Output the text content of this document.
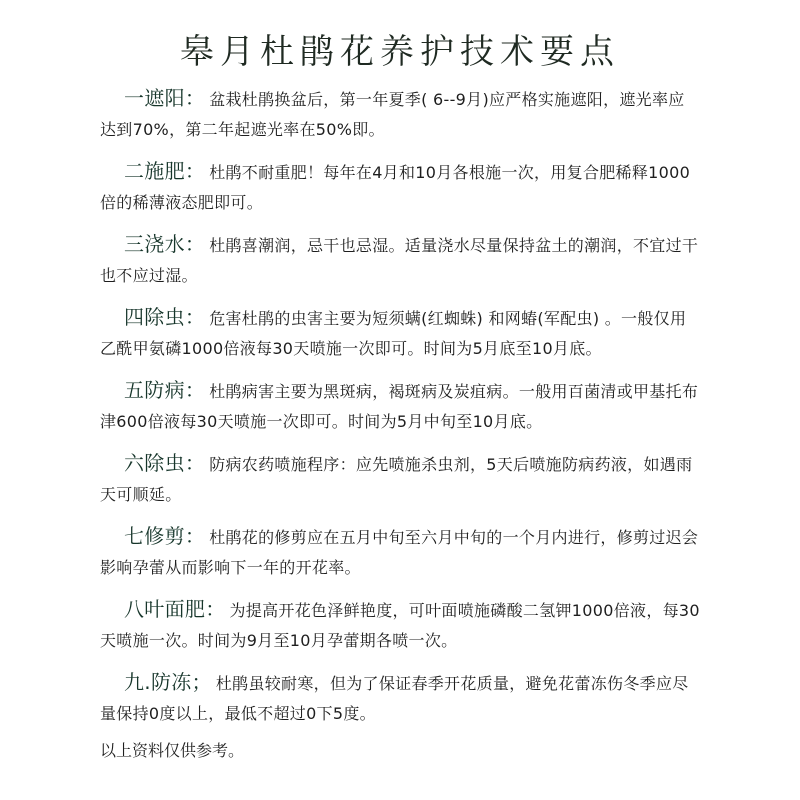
皋月杜鹃花养护技术要点
一遮阳： 盆栽杜鹃换盆后，第一年夏季( 6--9月)应严格实施遮阳，遮光率应达到70%，第二年起遮光率在50%即。
二施肥： 杜鹃不耐重肥！每年在4月和10月各根施一次，用复合肥稀释1000倍的稀薄液态肥即可。
三浇水： 杜鹃喜潮润，忌干也忌湿。适量浇水尽量保持盆土的潮润，不宜过干也不应过湿。
四除虫： 危害杜鹃的虫害主要为短须螨(红蜘蛛) 和网蝽(军配虫) 。一般仅用乙酰甲氨磷1000倍液每30天喷施一次即可。时间为5月底至10月底。
五防病： 杜鹃病害主要为黑斑病，褐斑病及炭疽病。一般用百菌清或甲基托布津600倍液每30天喷施一次即可。时间为5月中旬至10月底。
六除虫： 防病农药喷施程序：应先喷施杀虫剂，5天后喷施防病药液，如遇雨天可顺延。
七修剪： 杜鹃花的修剪应在五月中旬至六月中旬的一个月内进行，修剪过迟会影响孕蕾从而影响下一年的开花率。
八叶面肥： 为提高开花色泽鲜艳度，可叶面喷施磷酸二氢钾1000倍液，每30天喷施一次。时间为9月至10月孕蕾期各喷一次。
九.防冻； 杜鹃虽较耐寒，但为了保证春季开花质量，避免花蕾冻伤冬季应尽量保持0度以上，最低不超过0下5度。
以上资料仅供参考。
